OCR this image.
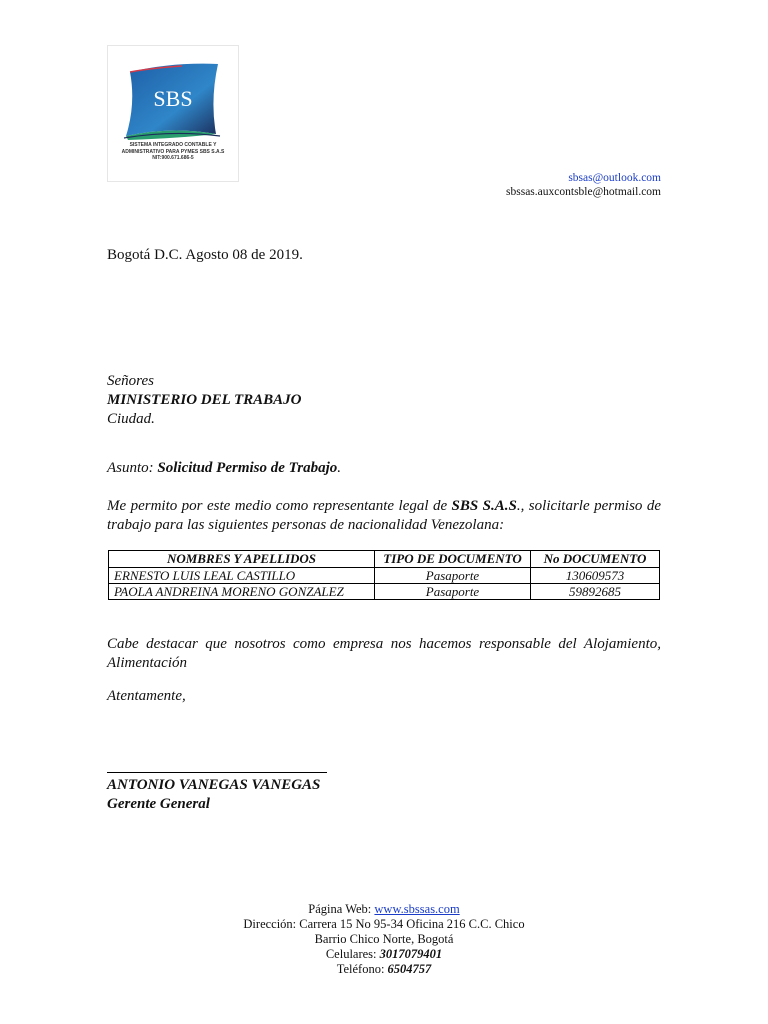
SBS
SISTEMA INTEGRADO CONTABLE Y
ADMINISTRATIVO PARA PYMES SBS S.A.S
NIT:900.671.686-5
sbsas@outlook.com
sbssas.auxcontsble@hotmail.com
Bogotá D.C. Agosto 08 de 2019.
Señores
MINISTERIO DEL TRABAJO
Ciudad.
Asunto: Solicitud Permiso de Trabajo.
Me permito por este medio como representante legal de SBS S.A.S., solicitarle permiso de trabajo para las siguientes personas de nacionalidad Venezolana:
NOMBRES Y APELLIDOS	TIPO DE DOCUMENTO	No DOCUMENTO
ERNESTO LUIS LEAL CASTILLO	Pasaporte	130609573
PAOLA ANDREINA MORENO GONZALEZ	Pasaporte	59892685
Cabe destacar que nosotros como empresa nos hacemos responsable del Alojamiento, Alimentación
Atentamente,
ANTONIO VANEGAS VANEGAS
Gerente General
Página Web: www.sbssas.com
Dirección: Carrera 15 No 95-34 Oficina 216 C.C. Chico
Barrio Chico Norte, Bogotá
Celulares: 3017079401
Teléfono: 6504757
